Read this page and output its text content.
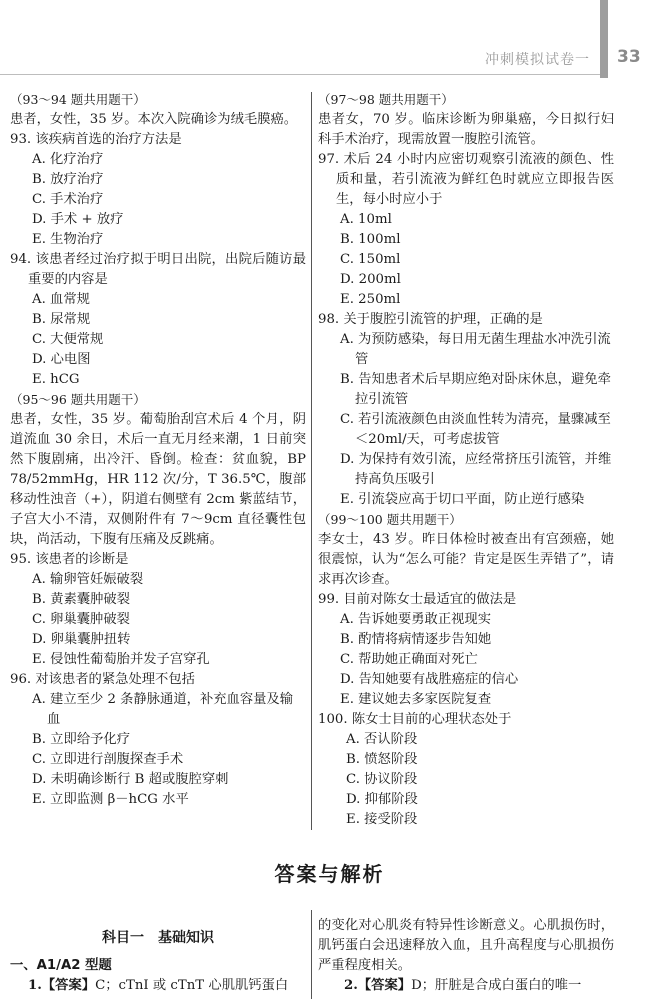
冲刺模拟试卷一 33
（93～94 题共用题干）
患者，女性，35 岁。本次入院确诊为绒毛膜癌。
93. 该疾病首选的治疗方法是
A. 化疗治疗
B. 放疗治疗
C. 手术治疗
D. 手术 + 放疗
E. 生物治疗
94. 该患者经过治疗拟于明日出院，出院后随访最重要的内容是
A. 血常规
B. 尿常规
C. 大便常规
D. 心电图
E. hCG
（95～96 题共用题干）
患者，女性，35 岁。葡萄胎刮宫术后 4 个月，阴道流血 30 余日，术后一直无月经来潮，1 日前突然下腹剧痛，出冷汗、昏倒。检查：贫血貌，BP 78/52mmHg，HR 112 次/分，T 36.5℃，腹部移动性浊音（+），阴道右侧壁有 2cm 紫蓝结节，子宫大小不清，双侧附件有 7～9cm 直径囊性包块，尚活动，下腹有压痛及反跳痛。
95. 该患者的诊断是
A. 输卵管妊娠破裂
B. 黄素囊肿破裂
C. 卵巢囊肿破裂
D. 卵巢囊肿扭转
E. 侵蚀性葡萄胎并发子宫穿孔
96. 对该患者的紧急处理不包括
A. 建立至少 2 条静脉通道，补充血容量及输血
B. 立即给予化疗
C. 立即进行剖腹探查手术
D. 未明确诊断行 B 超或腹腔穿刺
E. 立即监测 β－hCG 水平
（97～98 题共用题干）
患者女，70 岁。临床诊断为卵巢癌，今日拟行妇科手术治疗，现需放置一腹腔引流管。
97. 术后 24 小时内应密切观察引流液的颜色、性质和量，若引流液为鲜红色时就应立即报告医生，每小时应小于
A. 10ml
B. 100ml
C. 150ml
D. 200ml
E. 250ml
98. 关于腹腔引流管的护理，正确的是
A. 为预防感染，每日用无菌生理盐水冲洗引流管
B. 告知患者术后早期应绝对卧床休息，避免牵拉引流管
C. 若引流液颜色由淡血性转为清亮，量骤减至＜20ml/天，可考虑拔管
D. 为保持有效引流，应经常挤压引流管，并维持高负压吸引
E. 引流袋应高于切口平面，防止逆行感染
（99～100 题共用题干）
李女士，43 岁。昨日体检时被查出有宫颈癌，她很震惊，认为“怎么可能？肯定是医生弄错了”，请求再次诊查。
99. 目前对陈女士最适宜的做法是
A. 告诉她要勇敢正视现实
B. 酌情将病情逐步告知她
C. 帮助她正确面对死亡
D. 告知她要有战胜癌症的信心
E. 建议她去多家医院复查
100. 陈女士目前的心理状态处于
A. 否认阶段
B. 愤怒阶段
C. 协议阶段
D. 抑郁阶段
E. 接受阶段
答案与解析
科目一　基础知识
一、A1/A2 型题
1.【答案】C；cTnI 或 cTnT 心肌肌钙蛋白
的变化对心肌炎有特异性诊断意义。心肌损伤时，肌钙蛋白会迅速释放入血，且升高程度与心肌损伤严重程度相关。
2.【答案】D；肝脏是合成白蛋白的唯一
